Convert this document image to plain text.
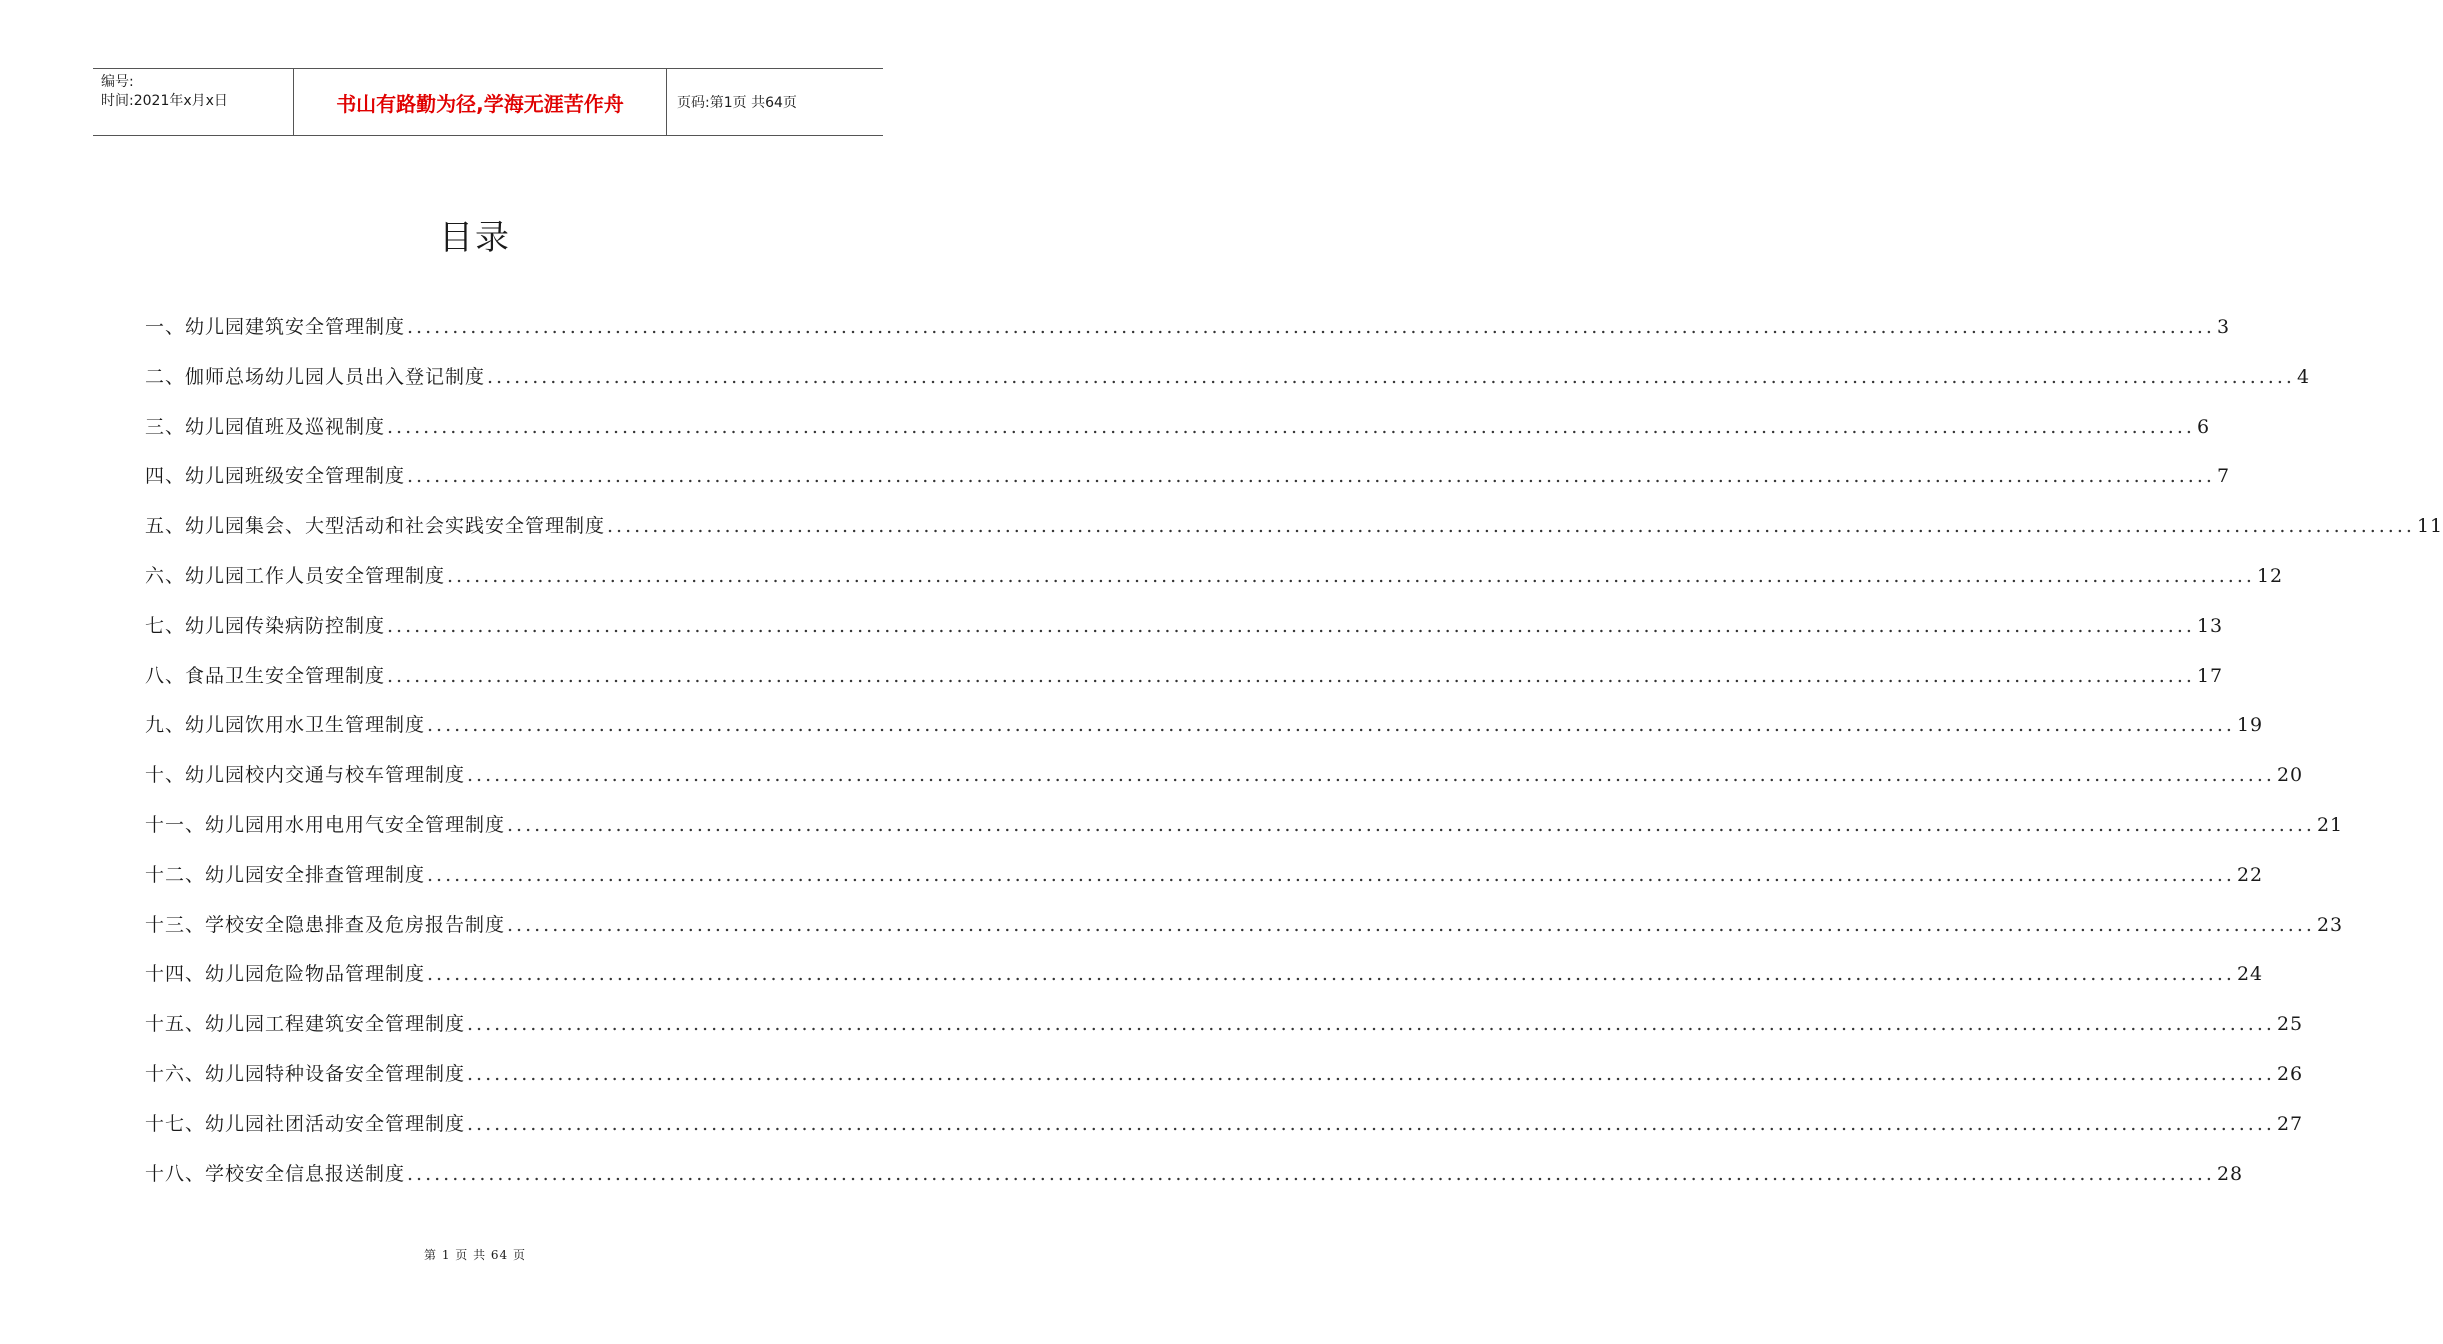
编号:
时间:2021年x月x日	书山有路勤为径,学海无涯苦作舟	页码:第1页 共64页
目录
一、幼儿园建筑安全管理制度 ........................................................................................................................................................................................................ 3
二、伽师总场幼儿园人员出入登记制度 ........................................................................................................................................................................................................ 4
三、幼儿园值班及巡视制度 ........................................................................................................................................................................................................ 6
四、幼儿园班级安全管理制度 ........................................................................................................................................................................................................ 7
五、幼儿园集会、大型活动和社会实践安全管理制度 ........................................................................................................................................................................................................ 11
六、幼儿园工作人员安全管理制度 ........................................................................................................................................................................................................ 12
七、幼儿园传染病防控制度 ........................................................................................................................................................................................................ 13
八、食品卫生安全管理制度 ........................................................................................................................................................................................................ 17
九、幼儿园饮用水卫生管理制度 ........................................................................................................................................................................................................ 19
十、幼儿园校内交通与校车管理制度 ........................................................................................................................................................................................................ 20
十一、幼儿园用水用电用气安全管理制度 ........................................................................................................................................................................................................ 21
十二、幼儿园安全排查管理制度 ........................................................................................................................................................................................................ 22
十三、学校安全隐患排查及危房报告制度 ........................................................................................................................................................................................................ 23
十四、幼儿园危险物品管理制度 ........................................................................................................................................................................................................ 24
十五、幼儿园工程建筑安全管理制度 ........................................................................................................................................................................................................ 25
十六、幼儿园特种设备安全管理制度 ........................................................................................................................................................................................................ 26
十七、幼儿园社团活动安全管理制度 ........................................................................................................................................................................................................ 27
十八、学校安全信息报送制度 ........................................................................................................................................................................................................ 28
第 1 页 共 64 页
